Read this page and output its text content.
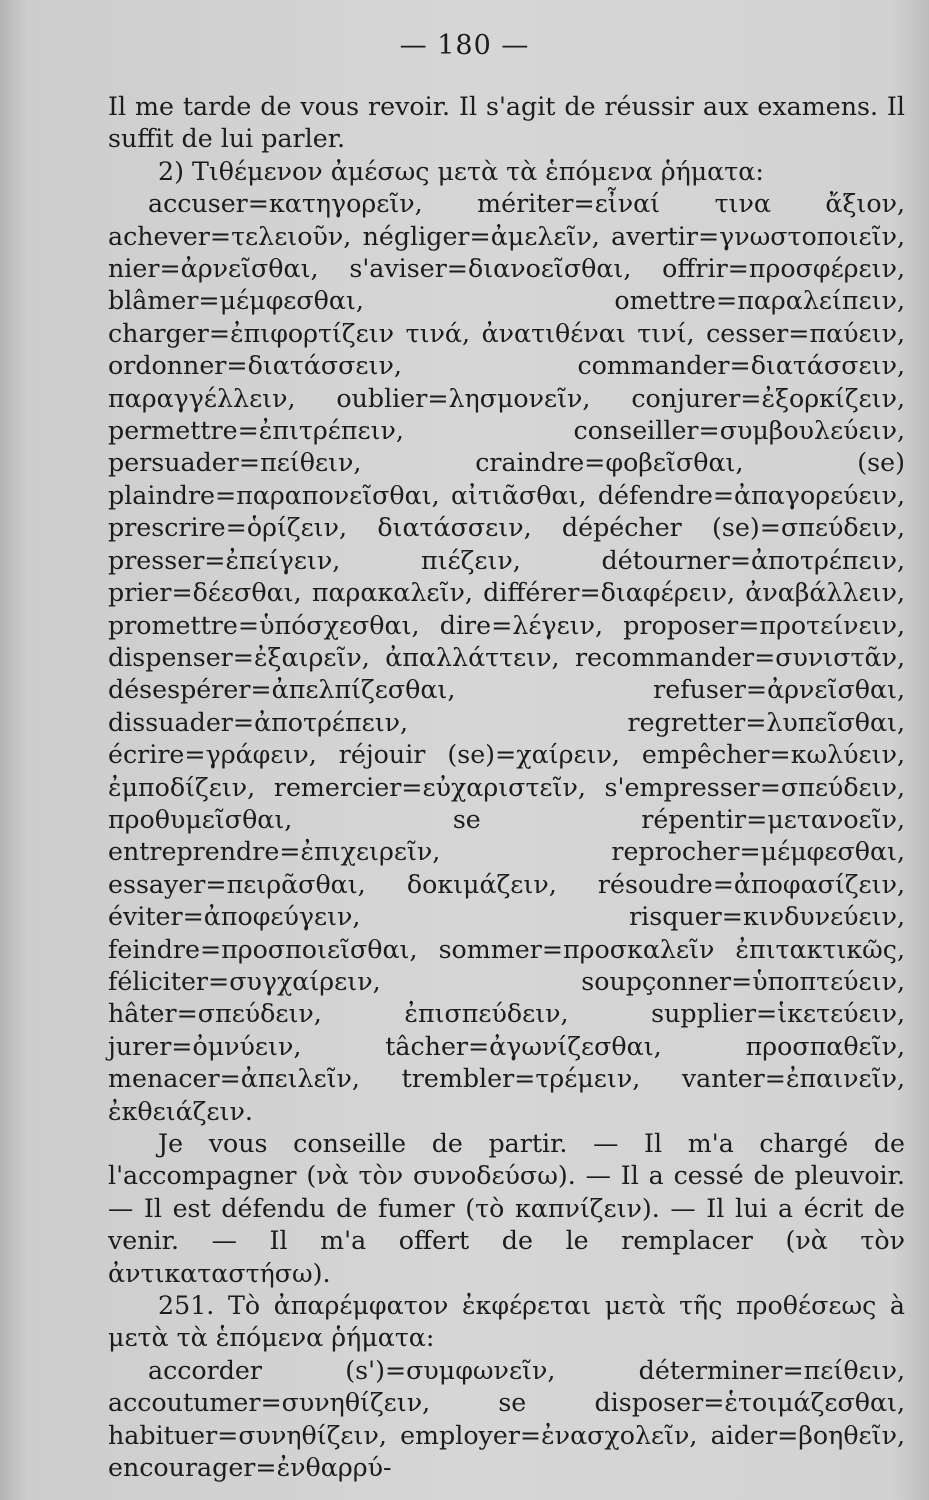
— 180 —

Il me tarde de vous revoir. Il s'agit de réussir aux examens. Il suffit de lui parler.

2) Τιθέμενον ἀμέσως μετὰ τὰ ἑπόμενα ῥήματα:

accuser=κατηγορεῖν, mériter=εἶναί τινα ἄξιον, achever=τελειοῦν, négliger=ἀμελεῖν, avertir=γνωστοποιεῖν, nier=ἀρνεῖσθαι, s'aviser=διανοεῖσθαι, offrir=προσφέρειν, blâmer=μέμφεσθαι, omettre=παραλείπειν, charger=ἐπιφορτίζειν τινά, ἀνατιθέναι τινί, cesser=παύειν, ordonner=διατάσσειν, commander=διατάσσειν, παραγγέλλειν, oublier=λησμονεῖν, conjurer=ἐξορκίζειν, permettre=ἐπιτρέπειν, conseiller=συμβουλεύειν, persuader=πείθειν, craindre=φοβεῖσθαι, (se) plaindre=παραπονεῖσθαι, αἰτιᾶσθαι, défendre=ἀπαγορεύειν, prescrire=ὁρίζειν, διατάσσειν, dépécher (se)=σπεύδειν, presser=ἐπείγειν, πιέζειν, détourner=ἀποτρέπειν, prier=δέεσθαι, παρακαλεῖν, différer=διαφέρειν, ἀναβάλλειν, promettre=ὑπόσχεσθαι, dire=λέγειν, proposer=προτείνειν, dispenser=ἐξαιρεῖν, ἀπαλλάττειν, recommander=συνιστᾶν, désespérer=ἀπελπίζεσθαι, refuser=ἀρνεῖσθαι, dissuader=ἀποτρέπειν, regretter=λυπεῖσθαι, écrire=γράφειν, réjouir (se)=χαίρειν, empêcher=κωλύειν, ἐμποδίζειν, remercier=εὐχαριστεῖν, s'empresser=σπεύδειν, προθυμεῖσθαι, se répentir=μετανοεῖν, entreprendre=ἐπιχειρεῖν, reprocher=μέμφεσθαι, essayer=πειρᾶσθαι, δοκιμάζειν, résoudre=ἀποφασίζειν, éviter=ἀποφεύγειν, risquer=κινδυνεύειν, feindre=προσποιεῖσθαι, sommer=προσκαλεῖν ἐπιτακτικῶς, féliciter=συγχαίρειν, soupçonner=ὑποπτεύειν, hâter=σπεύδειν, ἐπισπεύδειν, supplier=ἱκετεύειν, jurer=ὀμνύειν, tâcher=ἀγωνίζεσθαι, προσπαθεῖν, menacer=ἀπειλεῖν, trembler=τρέμειν, vanter=ἐπαινεῖν, ἐκθειάζειν.

Je vous conseille de partir. — Il m'a chargé de l'accompagner (νὰ τὸν συνοδεύσω). — Il a cessé de pleuvoir. — Il est défendu de fumer (τὸ καπνίζειν). — Il lui a écrit de venir. — Il m'a offert de le remplacer (νὰ τὸν ἀντικαταστήσω).

251. Τὸ ἀπαρέμφατον ἐκφέρεται μετὰ τῆς προθέσεως à μετὰ τὰ ἑπόμενα ῥήματα:

accorder (s')=συμφωνεῖν, déterminer=πείθειν, accoutumer=συνηθίζειν, se disposer=ἑτοιμάζεσθαι, habituer=συνηθίζειν, employer=ἐνασχολεῖν, aider=βοηθεῖν, encourager=ἐνθαρρύ-
